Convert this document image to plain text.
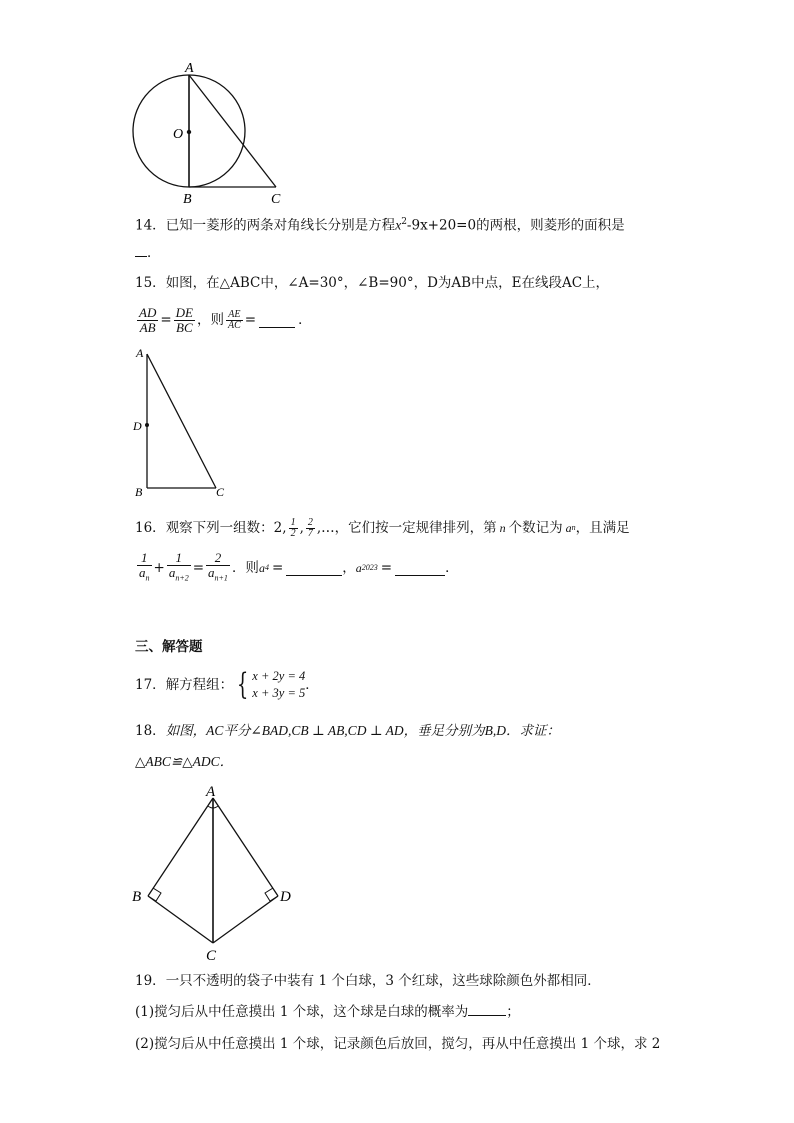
A
O
B	C
14．已知一菱形的两条对角线长分别是方程$x^2-9x+20=0$的两根，则菱形的面积是
．
15．如图，在△ABC中，∠A=30°，∠B=90°，D为AB中点，E在线段AC上，
$\frac{AD}{AB} = \frac{DE}{BC}$ ，则 $\frac{AE}{AC}$ =	．
A
D
B	C
16． 观察下列一组数：2, $\frac{1}{2}$ , $\frac{2}{7}$ ,… ，它们按一定规律排列，第 n 个数记为 a n ，且满足
$\frac{1}{a_n} + \frac{1}{a_{n+2}} = \frac{2}{a_{n+1}}$ ．则 a 4 =	， a 2023 =	．
三、解答题
17． 解方程组： { x + 2y = 4
x + 3y = 5 ．
18．如图，AC平分∠BAD,CB ⊥ AB,CD ⊥ AD，垂足分别为B,D．求证：
△ABC≌△ADC．
A
B
C
D
19．一只不透明的袋子中装有 1 个白球，3 个红球，这些球除颜色外都相同．
(1)搅匀后从中任意摸出 1 个球，这个球是白球的概率为	；
(2)搅匀后从中任意摸出 1 个球，记录颜色后放回，搅匀，再从中任意摸出 1 个球，求 2
